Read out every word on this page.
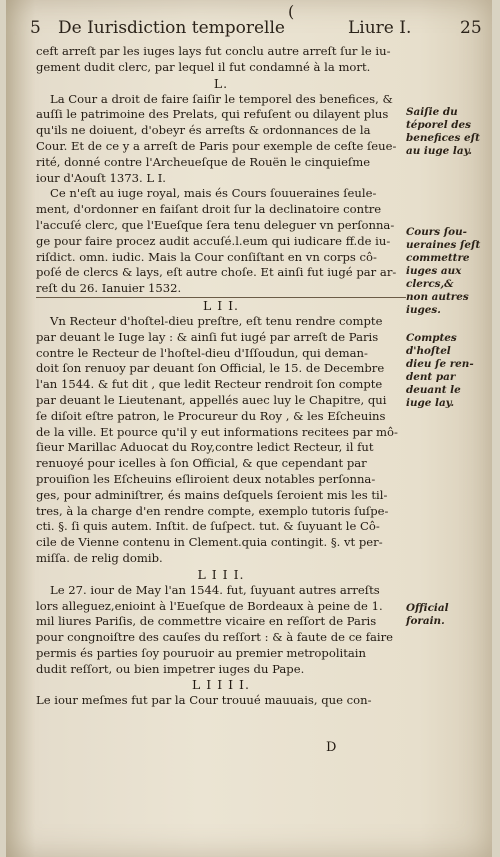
(
5 De Iurisdiction temporelle	Liure I.	25
ceft arreſt par les iuges lays fut conclu autre arreſt ſur le iu-
gement dudit clerc, par lequel il fut condamné à la mort.
L.
La Cour a droit de faire ſaiſir le temporel des benefices, &
auſſi le patrimoine des Prelats, qui refuſent ou dilayent plus
qu'ils ne doiuent, d'obeyr és arreſts & ordonnances de la
Cour. Et de ce y a arreſt de Paris pour exemple de ceſte ſeue-
rité, donné contre l'Archeueſque de Rouën le cinquieſme
iour d'Aouſt 1373. L I.
Ce n'eſt au iuge royal, mais és Cours ſouueraines ſeule-
ment, d'ordonner en faiſant droit ſur la declinatoire contre
l'accuſé clerc, que l'Eueſque ſera tenu deleguer vn perſonna-
ge pour faire procez audit accuſé.l.eum qui iudicare ff.de iu-
riſdict. omn. iudic. Mais la Cour conſiſtant en vn corps cô-
poſé de clercs & lays, eſt autre choſe. Et ainſi fut iugé par ar-
reſt du 26. Ianuier 1532.
L I I.
Vn Recteur d'hoſtel-dieu preſtre, eſt tenu rendre compte
par deuant le Iuge lay : & ainſi fut iugé par arreſt de Paris
contre le Recteur de l'hoſtel-dieu d'Iſſoudun, qui deman-
doit ſon renuoy par deuant ſon Official, le 15. de Decembre
l'an 1544. & fut dit , que ledit Recteur rendroit ſon compte
par deuant le Lieutenant, appellés auec luy le Chapitre, qui
ſe diſoit eſtre patron, le Procureur du Roy , & les Eſcheuins
de la ville. Et pource qu'il y eut informations recitees par mô-
ſieur Marillac Aduocat du Roy,contre ledict Recteur, il fut
renuoyé pour icelles à ſon Official, & que cependant par
prouiſion les Eſcheuins eſliroient deux notables perſonna-
ges, pour adminiſtrer, és mains deſquels ſeroient mis les til-
tres, à la charge d'en rendre compte, exemplo tutoris ſuſpe-
cti. §. ſi quis autem. Inſtit. de ſuſpect. tut. & ſuyuant le Cô-
cile de Vienne contenu in Clement.quia contingit. §. vt per-
miſſa. de relig domib.
L I I I.
Le 27. iour de May l'an 1544. fut, ſuyuant autres arreſts
lors alleguez,enioint à l'Eueſque de Bordeaux à peine de 1.
mil liures Pariſis, de commettre vicaire en reſſort de Paris
pour congnoiſtre des cauſes du reſſort : & à faute de ce faire
permis és parties ſoy pouruoir au premier metropolitain
dudit reſſort, ou bien impetrer iuges du Pape.
L I I I I.
Le iour meſmes fut par la Cour trouué mauuais, que con-
Saiſie du
téporel des
benefices eſt
au iuge lay.
Cours ſou-
ueraines ſeſt
commettre
iuges aux
clercs,&
non autres
iuges.
Comptes
d'hoſtel
dieu ſe ren-
dent par
deuant le
iuge lay.
Official
forain.
D
